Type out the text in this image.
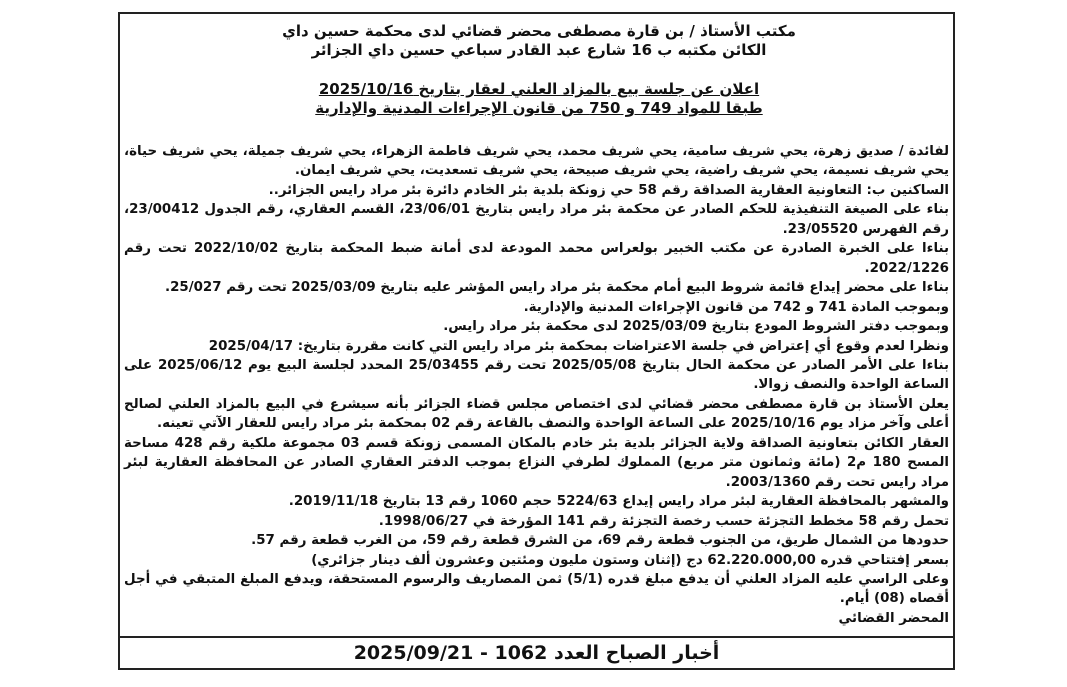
مكتب الأستاذ / بن قارة مصطفى محضر قضائي لدى محكمة حسين داي
الكائن مكتبه ب 16 شارع عبد القادر سباعي حسين داي الجزائر
اعلان عن جلسة بيع بالمزاد العلني لعقار بتاريخ 2025/10/16
طبقا للمواد 749 و 750 من قانون الإجراءات المدنية والإدارية

لفائدة / صديق زهرة، يحي شريف سامية، يحي شريف محمد، يحي شريف فاطمة الزهراء، يحي شريف جميلة، يحي شريف حياة، يحي شريف نسيمة، يحي شريف راضية، يحي شريف صبيحة، يحي شريف تسعديت، يحي شريف ايمان.

الساكنين ب: التعاونية العقارية الصداقة رقم 58 حي زونكة بلدية بئر الخادم دائرة بئر مراد رايس الجزائر..

بناء على الصيغة التنفيذية للحكم الصادر عن محكمة بئر مراد رايس بتاريخ 23/06/01، القسم العقاري، رقم الجدول 23/00412، رقم الفهرس 23/05520.

بناءا على الخبرة الصادرة عن مكتب الخبير بولعراس محمد المودعة لدى أمانة ضبط المحكمة بتاريخ 2022/10/02 تحت رقم 2022/1226.

بناءا على محضر إيداع قائمة شروط البيع أمام محكمة بئر مراد رايس المؤشر عليه بتاريخ 2025/03/09 تحت رقم 25/027.

وبموجب المادة 741 و 742 من قانون الإجراءات المدنية والإدارية.

وبموجب دفتر الشروط المودع بتاريخ 2025/03/09 لدى محكمة بئر مراد رايس.

ونظرا لعدم وقوع أي إعتراض في جلسة الاعتراضات بمحكمة بئر مراد رايس التي كانت مقررة بتاريخ: 2025/04/17

بناءا على الأمر الصادر عن محكمة الحال بتاريخ 2025/05/08 تحت رقم 25/03455 المحدد لجلسة البيع يوم 2025/06/12 على الساعة الواحدة والنصف زوالا.

يعلن الأستاذ بن قارة مصطفى محضر قضائي لدى اختصاص مجلس قضاء الجزائر بأنه سيشرع في البيع بالمزاد العلني لصالح أعلى وآخر مزاد يوم 2025/10/16 على الساعة الواحدة والنصف بالقاعة رقم 02 بمحكمة بئر مراد رايس للعقار الآتي تعينه.

العقار الكائن بتعاونية الصداقة ولاية الجزائر بلدية بئر خادم بالمكان المسمى زونكة قسم 03 مجموعة ملكية رقم 428 مساحة المسح 180 م2 (مائة وثمانون متر مربع) المملوك لطرفي النزاع بموجب الدفتر العقاري الصادر عن المحافظة العقارية لبئر مراد رايس تحت رقم 2003/1360.

والمشهر بالمحافظة العقارية لبئر مراد رايس إيداع 5224/63 حجم 1060 رقم 13 بتاريخ 2019/11/18.

تحمل رقم 58 مخطط التجزئة حسب رخصة التجزئة رقم 141 المؤرخة في 1998/06/27.

حدودها من الشمال طريق، من الجنوب قطعة رقم 69، من الشرق قطعة رقم 59، من الغرب قطعة رقم 57.

بسعر إفتتاحي قدره 62.220.000,00 دج (إثنان وستون مليون ومئتين وعشرون ألف دينار جزائري)

وعلى الراسي عليه المزاد العلني أن يدفع مبلغ قدره (5/1) ثمن المصاريف والرسوم المستحقة، ويدفع المبلغ المتبقي في أجل أقصاه (08) أيام.

المحضر القضائي

أخبار الصباح العدد 1062 - 2025/09/21
